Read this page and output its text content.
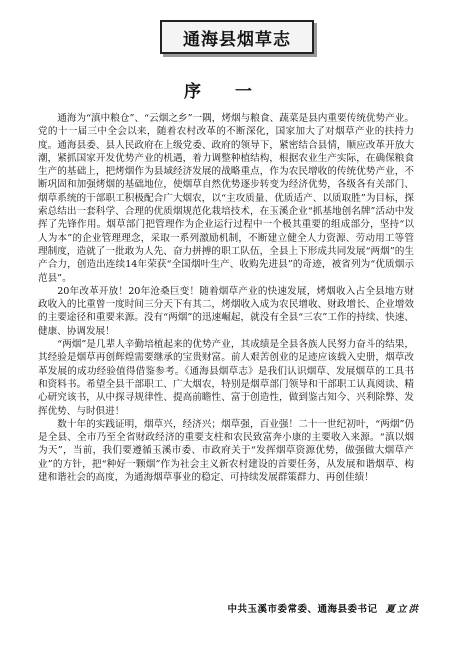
通海县烟草志
序 一

通海为“滇中粮仓”、“云烟之乡”一隅，烤烟与粮食、蔬菜是县内重要传统优势产业。党的十一届三中全会以来，随着农村改革的不断深化，国家加大了对烟草产业的扶持力度。通海县委、县人民政府在上级党委、政府的领导下，紧密结合县情，顺应改革开放大潮，紧抓国家开发优势产业的机遇，着力调整种植结构，根据农业生产实际，在确保粮食生产的基础上，把烤烟作为县域经济发展的战略重点，作为农民增收的传统优势产业，不断巩固和加强烤烟的基础地位，使烟草自然优势逐步转变为经济优势，各级各有关部门、烟草系统的干部职工积极配合广大烟农，以“主攻质量、优质适产、以质取胜”为目标，探索总结出一套科学、合理的优质烟规范化栽培技术，在玉溪企业“抓基地创名牌”活动中发挥了先锋作用。烟草部门把管理作为企业运行过程中一个极其重要的组成部分，坚持“以人为本”的企业管理理念，采取一系列激励机制，不断建立健全人力资源、劳动用工等管理制度，造就了一批敢为人先、奋力拼搏的职工队伍，全县上下形成共同发展“两烟”的生产合力，创造出连续14年荣获“全国烟叶生产、收购先进县”的奇迹，被省列为“优质烟示范县”。

20年改革开放！20年沧桑巨变！随着烟草产业的快速发展，烤烟收入占全县地方财政收入的比重曾一度时间三分天下有其二，烤烟收入成为农民增收、财政增长、企业增效的主要途径和重要来源。没有“两烟”的迅速崛起，就没有全县“三农”工作的持续、快速、健康、协调发展！

“两烟”是几辈人辛勤培植起来的优势产业，其成绩是全县各族人民努力奋斗的结果，其经验是烟草再创辉煌需要继承的宝贵财富。前人艰苦创业的足迹应该载入史册，烟草改革发展的成功经验值得借鉴参考。《通海县烟草志》是我们认识烟草、发展烟草的工具书和资料书。希望全县干部职工、广大烟农，特别是烟草部门领导和干部职工认真阅读、精心研究该书，从中探寻规律性、提高前瞻性、富于创造性，做到鉴古知今、兴利除弊、发挥优势、与时俱进！

数十年的实践证明，烟草兴，经济兴；烟草强，百业强！二十一世纪初叶，“两烟”仍是全县、全市乃至全省财政经济的重要支柱和农民致富奔小康的主要收入来源。“滇以烟为天”，当前，我们要遵循玉溪市委、市政府关于“发挥烟草资源优势，做强做大烟草产业”的方针，把“种好一颗烟”作为社会主义新农村建设的首要任务，从发展和谐烟草、构建和谐社会的高度，为通海烟草事业的稳定、可持续发展群策群力、再创佳绩！

中共玉溪市委常委、通海县委书记 夏立洪
